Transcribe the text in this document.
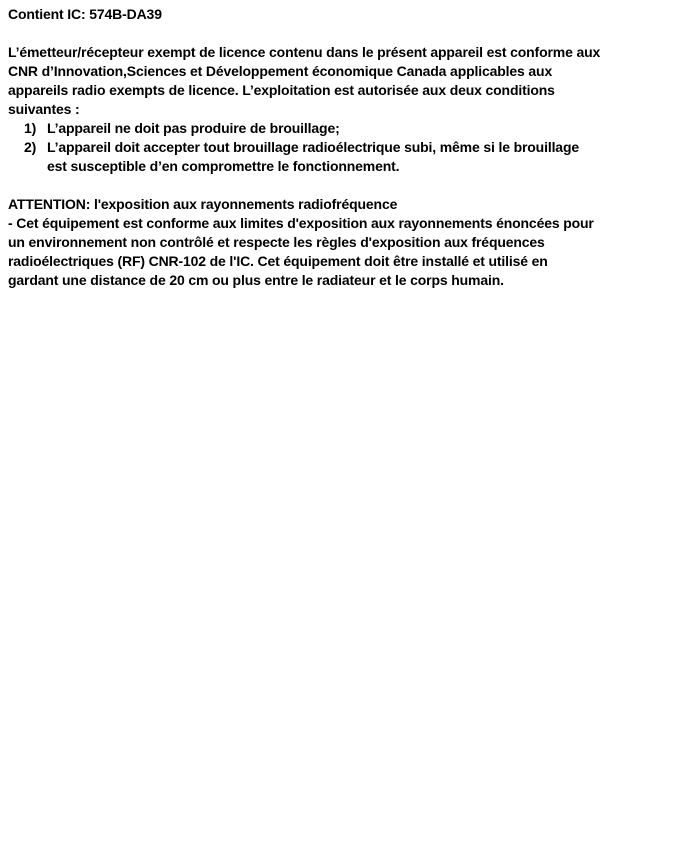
Contient IC: 574B-DA39
L’émetteur/récepteur exempt de licence contenu dans le présent appareil est conforme aux
CNR d’Innovation,Sciences et Développement économique Canada applicables aux
appareils radio exempts de licence. L’exploitation est autorisée aux deux conditions
suivantes :
1) L’appareil ne doit pas produire de brouillage;
2) L’appareil doit accepter tout brouillage radioélectrique subi, même si le brouillage
est susceptible d’en compromettre le fonctionnement.
ATTENTION: l'exposition aux rayonnements radiofréquence
- Cet équipement est conforme aux limites d'exposition aux rayonnements énoncées pour
un environnement non contrôlé et respecte les règles d'exposition aux fréquences
radioélectriques (RF) CNR-102 de l'IC. Cet équipement doit être installé et utilisé en
gardant une distance de 20 cm ou plus entre le radiateur et le corps humain.
